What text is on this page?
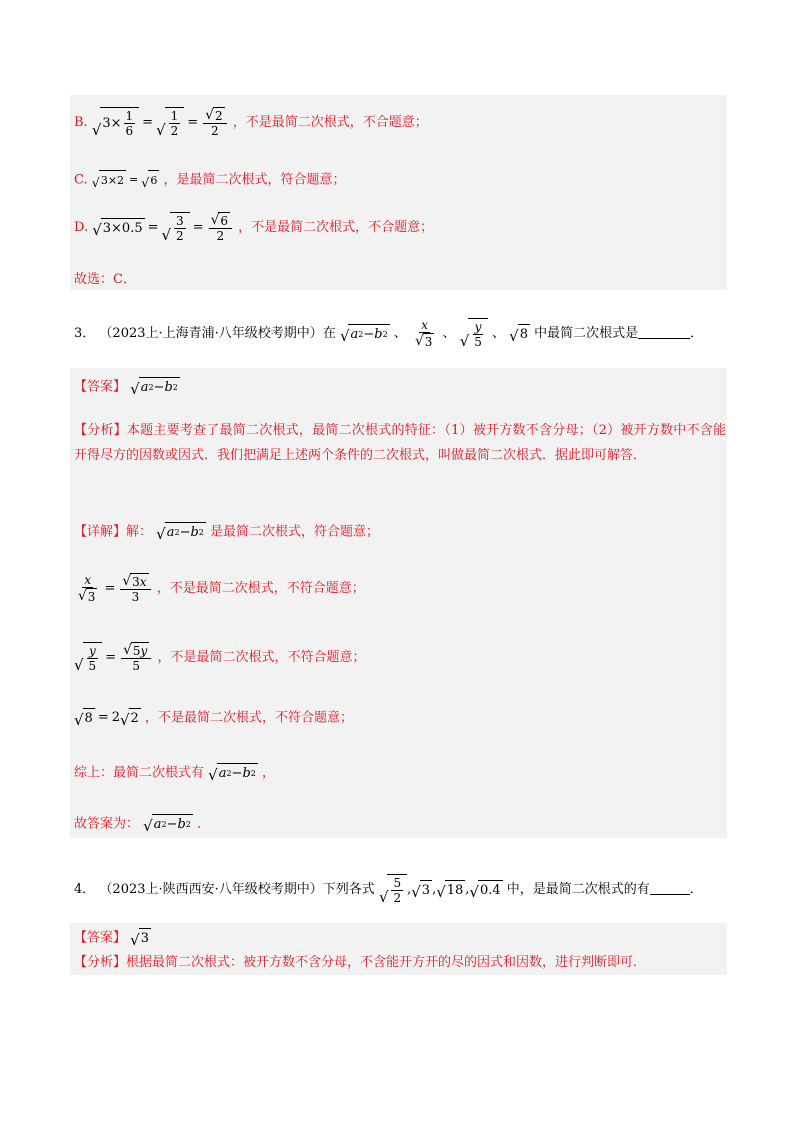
B. √ $3\times \frac{1}{6}$ = √ $\frac{1}{2} = \frac{√ 2}{2}$ ，不是最简二次根式，不合题意；
C. √ 3×2 = √ 6 ，是最简二次根式，符合题意；
D. √ 3×0.5 = √ $\frac{3}{2} = \frac{√ 6}{2}$ ，不是最简二次根式，不合题意；
故选：C．
3． （2023上·上海青浦·八年级校考期中）在 √ a 2 − b 2 、 $\frac{x}{√ 3}$ 、 √ $\frac{y}{5}$ 、 √ 8 中最简二次根式是	．
【答案】 √ a 2 − b 2
【分析】本题主要考查了最简二次根式，最简二次根式的特征：（1）被开方数不含分母；（2）被开方数中不含能开得尽方的因数或因式．我们把满足上述两个条件的二次根式，叫做最简二次根式．据此即可解答．
【详解】解： √ a 2 − b 2 是最简二次根式，符合题意；
$\frac{x}{√ 3} = \frac{√ 3 x}{3}$ ，不是最简二次根式，不符合题意；
√ $\frac{y}{5} = \frac{√ 5 y}{5}$ ，不是最简二次根式，不符合题意；
√ 8 = 2 √ 2 ，不是最简二次根式，不符合题意；
综上：最简二次根式有 √ a 2 − b 2 ，
故答案为： √ a 2 − b 2 ．
4． （2023上·陕西西安·八年级校考期中）下列各式 √ $\frac{5}{2}$ , √ 3 , √ 18 , √ 0.4 中，是最简二次根式的有	．
【答案】 √ 3
【分析】根据最简二次根式：被开方数不含分母，不含能开方开的尽的因式和因数，进行判断即可．
